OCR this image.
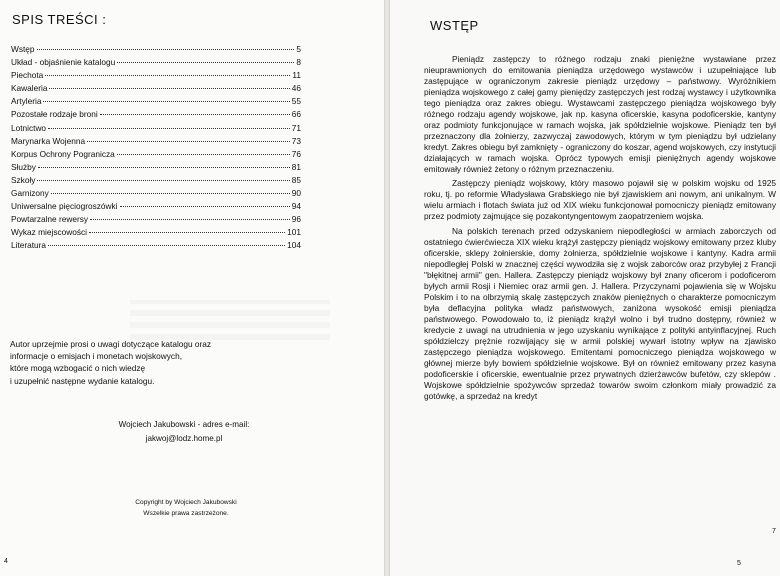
SPIS TREŚCI :
Wstęp	5
Układ - objaśnienie katalogu	8
Piechota	11
Kawaleria	46
Artyleria	55
Pozostałe rodzaje broni	66
Lotnictwo	71
Marynarka Wojenna	73
Korpus Ochrony Pogranicza	76
Służby	81
Szkoły	85
Garnizony	90
Uniwersalne pięciogroszówki	94
Powtarzalne rewersy	96
Wykaz miejscowości	101
Literatura	104
Autor uprzejmie prosi o uwagi dotyczące katalogu oraz
informacje o emisjach i monetach wojskowych,
które mogą wzbogacić o nich wiedzę
i uzupełnić następne wydanie katalogu.
Wojciech Jakubowski - adres e-mail:
jakwoj@lodz.home.pl
Copyright by Wojciech Jakubowski
Wszelkie prawa zastrzeżone.
4
WSTĘP

Pieniądz zastępczy to różnego rodzaju znaki pieniężne wystawiane przez nieuprawnionych do emitowania pieniądza urzędowego wystawców i uzupełniające lub zastępujące w ograniczonym zakresie pieniądz urzędowy – państwowy. Wyróżnikiem pieniądza wojskowego z całej gamy pieniędzy zastępczych jest rodzaj wystawcy i użytkownika tego pieniądza oraz zakres obiegu. Wystawcami zastępczego pieniądza wojskowego były różnego rodzaju agendy wojskowe, jak np. kasyna oficerskie, kasyna podoficerskie, kantyny oraz podmioty funkcjonujące w ramach wojska, jak spółdzielnie wojskowe. Pieniądz ten był przeznaczony dla żołnierzy, zazwyczaj zawodowych, którym w tym pieniądzu był udzielany kredyt. Zakres obiegu był zamknięty - ograniczony do koszar, agend wojskowych, czy instytucji działających w ramach wojska. Oprócz typowych emisji pieniężnych agendy wojskowe emitowały również żetony o różnym przeznaczeniu.

Zastępczy pieniądz wojskowy, który masowo pojawił się w polskim wojsku od 1925 roku, tj. po reformie Władysława Grabskiego nie był zjawiskiem ani nowym, ani unikalnym. W wielu armiach i flotach świata już od XIX wieku funkcjonował pomocniczy pieniądz emitowany przez podmioty zajmujące się pozakontyngentowym zaopatrzeniem wojska.

Na polskich terenach przed odzyskaniem niepodległości w armiach zaborczych od ostatniego ćwierćwiecza XIX wieku krążył zastępczy pieniądz wojskowy emitowany przez kluby oficerskie, sklepy żołnierskie, domy żołnierza, spółdzielnie wojskowe i kantyny. Kadra armii niepodległej Polski w znacznej części wywodziła się z wojsk zaborców oraz przybyłej z Francji "błękitnej armii" gen. Hallera. Zastępczy pieniądz wojskowy był znany oficerom i podoficerom byłych armii Rosji i Niemiec oraz armii gen. J. Hallera. Przyczynami pojawienia się w Wojsku Polskim i to na olbrzymią skalę zastępczych znaków pieniężnych o charakterze pomocniczym była deflacyjna polityka władz państwowych, zaniżona wysokość emisji pieniądza państwowego. Powodowało to, iż pieniądz krążył wolno i był trudno dostępny, również w kredycie z uwagi na utrudnienia w jego uzyskaniu wynikające z polityki antyinflacyjnej. Ruch spółdzielczy prężnie rozwijający się w armii polskiej wywarł istotny wpływ na zjawisko zastępczego pieniądza wojskowego. Emitentami pomocniczego pieniądza wojskowego w głównej mierze były bowiem spółdzielnie wojskowe. Był on również emitowany przez kasyna podoficerskie i oficerskie, ewentualnie przez prywatnych dzierżawców bufetów, czy sklepów . Wojskowe spółdzielnie spożywców sprzedaż towarów swoim członkom miały prowadzić za gotówkę, a sprzedaż na kredyt

5
7
